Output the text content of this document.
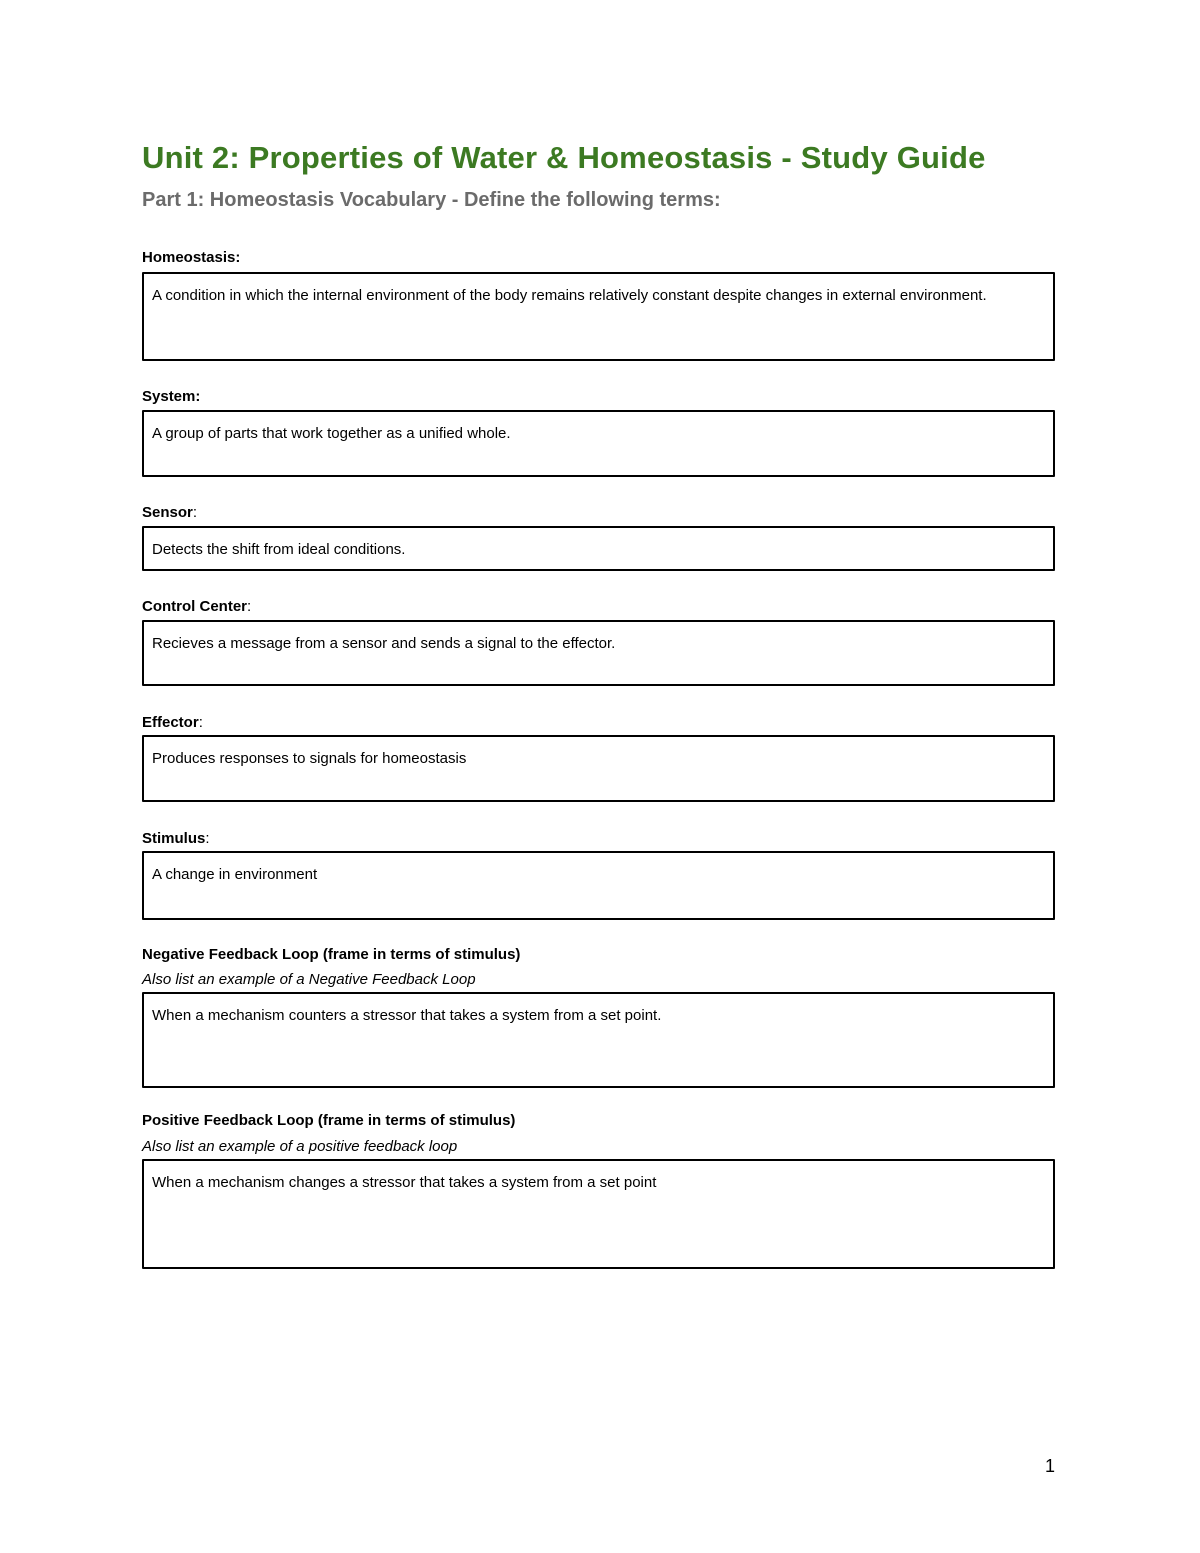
Unit 2: Properties of Water & Homeostasis - Study Guide
Part 1: Homeostasis Vocabulary - Define the following terms:
Homeostasis:
A condition in which the internal environment of the body remains relatively constant despite changes in external environment.
System:
A group of parts that work together as a unified whole.
Sensor:
Detects the shift from ideal conditions.
Control Center:
Recieves a message from a sensor and sends a signal to the effector.
Effector:
Produces responses to signals for homeostasis
Stimulus:
A change in environment
Negative Feedback Loop (frame in terms of stimulus)
Also list an example of a Negative Feedback Loop
When a mechanism counters a stressor that takes a system from a set point.
Positive Feedback Loop (frame in terms of stimulus)
Also list an example of a positive feedback loop
When a mechanism changes a stressor that takes a system from a set point
1
